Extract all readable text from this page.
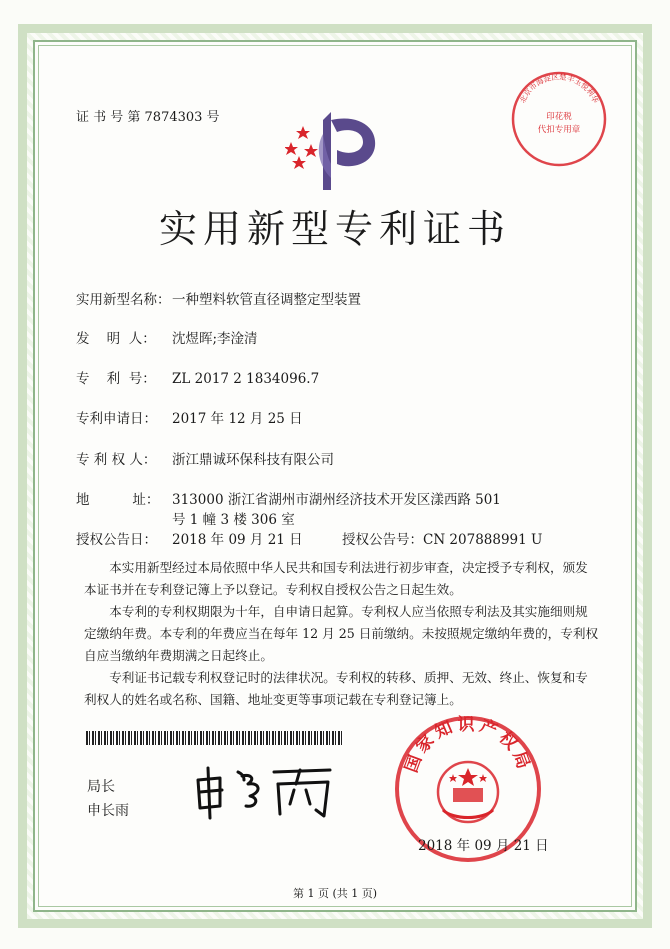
证 书 号 第 7874303 号
实用新型专利证书
实用新型名称： 一种塑料软管直径调整定型装置
发    明  人： 沈煜晖;李淦清
专    利  号： ZL 2017 2 1834096.7
专利申请日： 2017 年 12 月 25 日
专 利 权 人： 浙江鼎诚环保科技有限公司
地          址： 313000 浙江省湖州市湖州经济技术开发区漾西路 501 号 1 幢 3 楼 306 室
授权公告日： 2018 年 09 月 21 日	授权公告号：CN 207888991 U

本实用新型经过本局依照中华人民共和国专利法进行初步审查，决定授予专利权，颁发本证书并在专利登记簿上予以登记。专利权自授权公告之日起生效。

本专利的专利权期限为十年，自申请日起算。专利权人应当依照专利法及其实施细则规定缴纳年费。本专利的年费应当在每年 12 月 25 日前缴纳。未按照规定缴纳年费的，专利权自应当缴纳年费期满之日起终止。

专利证书记载专利权登记时的法律状况。专利权的转移、质押、无效、终止、恢复和专利权人的姓名或名称、国籍、地址变更等事项记载在专利登记簿上。

局长
申长雨
国家知识产权局
2018 年 09 月 21 日
北京市海淀区楚丰玉悦利华
印花税
代扣专用章
第 1 页 (共 1 页)
